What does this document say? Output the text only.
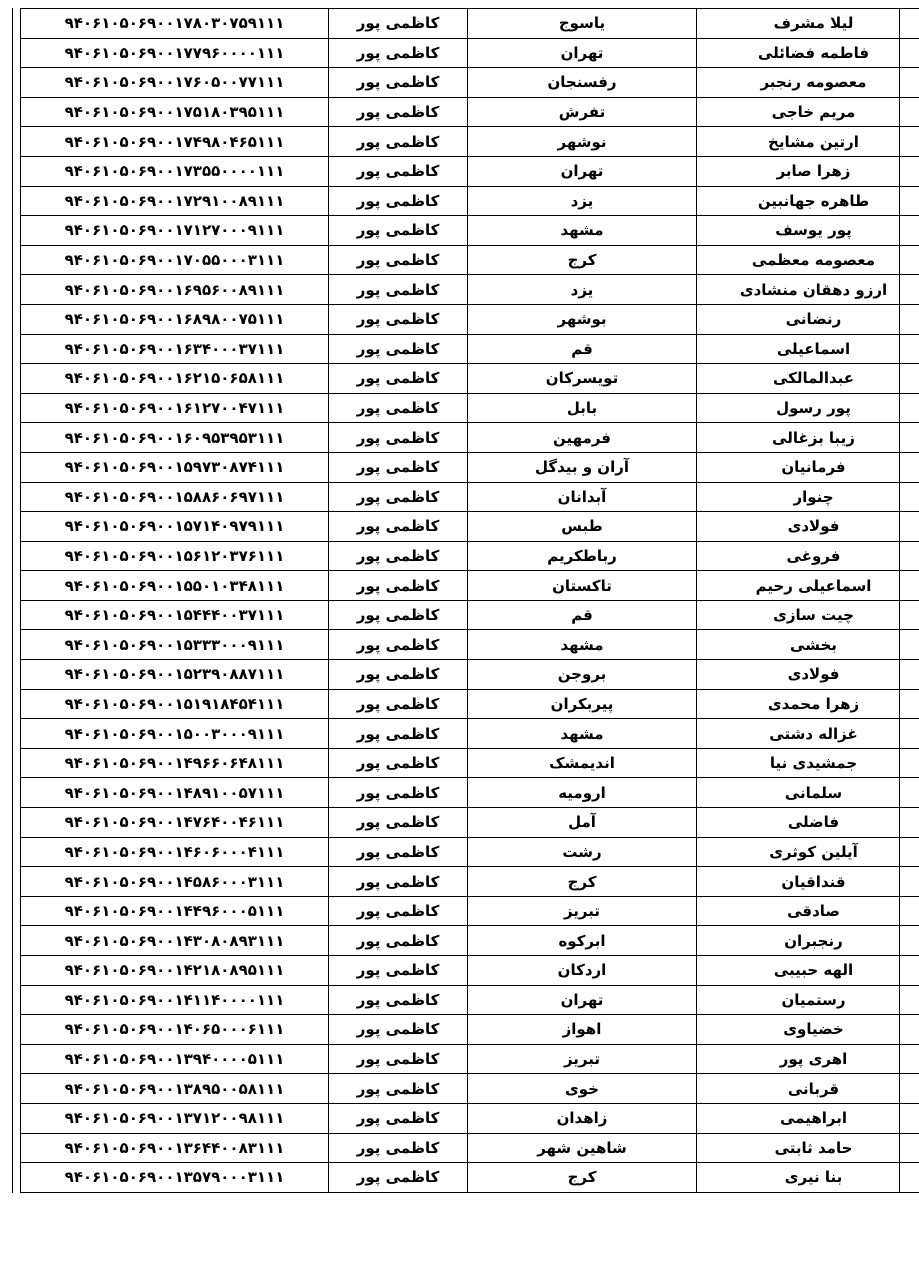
لیلا مشرف	یاسوج	کاظمی پور	۹۴۰۶۱۰۵۰۶۹۰۰۱۷۸۰۳۰۷۵۹۱۱۱
فاطمه فضائلی	تهران	کاظمی پور	۹۴۰۶۱۰۵۰۶۹۰۰۱۷۷۹۶۰۰۰۰۱۱۱
معصومه رنجبر	رفسنجان	کاظمی پور	۹۴۰۶۱۰۵۰۶۹۰۰۱۷۶۰۵۰۰۷۷۱۱۱
مریم خاجی	تفرش	کاظمی پور	۹۴۰۶۱۰۵۰۶۹۰۰۱۷۵۱۸۰۳۹۵۱۱۱
ارتین مشایخ	نوشهر	کاظمی پور	۹۴۰۶۱۰۵۰۶۹۰۰۱۷۴۹۸۰۴۶۵۱۱۱
زهرا صابر	تهران	کاظمی پور	۹۴۰۶۱۰۵۰۶۹۰۰۱۷۳۵۵۰۰۰۰۱۱۱
طاهره جهانبین	یزد	کاظمی پور	۹۴۰۶۱۰۵۰۶۹۰۰۱۷۲۹۱۰۰۸۹۱۱۱
پور یوسف	مشهد	کاظمی پور	۹۴۰۶۱۰۵۰۶۹۰۰۱۷۱۲۷۰۰۰۹۱۱۱
معصومه معظمی	کرج	کاظمی پور	۹۴۰۶۱۰۵۰۶۹۰۰۱۷۰۵۵۰۰۰۳۱۱۱
ارزو دهقان منشادی	یزد	کاظمی پور	۹۴۰۶۱۰۵۰۶۹۰۰۱۶۹۵۶۰۰۸۹۱۱۱
رنضانی	بوشهر	کاظمی پور	۹۴۰۶۱۰۵۰۶۹۰۰۱۶۸۹۸۰۰۷۵۱۱۱
اسماعیلی	قم	کاظمی پور	۹۴۰۶۱۰۵۰۶۹۰۰۱۶۳۴۰۰۰۳۷۱۱۱
عبدالمالکی	تویسرکان	کاظمی پور	۹۴۰۶۱۰۵۰۶۹۰۰۱۶۲۱۵۰۶۵۸۱۱۱
پور رسول	بابل	کاظمی پور	۹۴۰۶۱۰۵۰۶۹۰۰۱۶۱۲۷۰۰۴۷۱۱۱
زیبا بزغالی	فرمهین	کاظمی پور	۹۴۰۶۱۰۵۰۶۹۰۰۱۶۰۹۵۳۹۵۳۱۱۱
فرمانیان	آران و بیدگل	کاظمی پور	۹۴۰۶۱۰۵۰۶۹۰۰۱۵۹۷۳۰۸۷۴۱۱۱
چنوار	آبدانان	کاظمی پور	۹۴۰۶۱۰۵۰۶۹۰۰۱۵۸۸۶۰۶۹۷۱۱۱
فولادی	طبس	کاظمی پور	۹۴۰۶۱۰۵۰۶۹۰۰۱۵۷۱۴۰۹۷۹۱۱۱
فروغی	رباطکریم	کاظمی پور	۹۴۰۶۱۰۵۰۶۹۰۰۱۵۶۱۲۰۳۷۶۱۱۱
اسماعیلی رحیم	تاکستان	کاظمی پور	۹۴۰۶۱۰۵۰۶۹۰۰۱۵۵۰۱۰۳۴۸۱۱۱
چیت سازی	قم	کاظمی پور	۹۴۰۶۱۰۵۰۶۹۰۰۱۵۴۴۴۰۰۳۷۱۱۱
بخشی	مشهد	کاظمی پور	۹۴۰۶۱۰۵۰۶۹۰۰۱۵۳۳۳۰۰۰۹۱۱۱
فولادی	بروجن	کاظمی پور	۹۴۰۶۱۰۵۰۶۹۰۰۱۵۲۳۹۰۸۸۷۱۱۱
زهرا محمدی	پیربکران	کاظمی پور	۹۴۰۶۱۰۵۰۶۹۰۰۱۵۱۹۱۸۴۵۴۱۱۱
غزاله دشتی	مشهد	کاظمی پور	۹۴۰۶۱۰۵۰۶۹۰۰۱۵۰۰۳۰۰۰۹۱۱۱
جمشیدی نیا	اندیمشک	کاظمی پور	۹۴۰۶۱۰۵۰۶۹۰۰۱۴۹۶۶۰۶۴۸۱۱۱
سلمانی	ارومیه	کاظمی پور	۹۴۰۶۱۰۵۰۶۹۰۰۱۴۸۹۱۰۰۵۷۱۱۱
فاضلی	آمل	کاظمی پور	۹۴۰۶۱۰۵۰۶۹۰۰۱۴۷۶۴۰۰۴۶۱۱۱
آیلین کوثری	رشت	کاظمی پور	۹۴۰۶۱۰۵۰۶۹۰۰۱۴۶۰۶۰۰۰۴۱۱۱
قنداقیان	کرج	کاظمی پور	۹۴۰۶۱۰۵۰۶۹۰۰۱۴۵۸۶۰۰۰۳۱۱۱
صادقی	تبریز	کاظمی پور	۹۴۰۶۱۰۵۰۶۹۰۰۱۴۴۹۶۰۰۰۵۱۱۱
رنجبران	ابرکوه	کاظمی پور	۹۴۰۶۱۰۵۰۶۹۰۰۱۴۳۰۸۰۸۹۳۱۱۱
الهه حبیبی	اردکان	کاظمی پور	۹۴۰۶۱۰۵۰۶۹۰۰۱۴۲۱۸۰۸۹۵۱۱۱
رستمیان	تهران	کاظمی پور	۹۴۰۶۱۰۵۰۶۹۰۰۱۴۱۱۴۰۰۰۰۱۱۱
خضیاوی	اهواز	کاظمی پور	۹۴۰۶۱۰۵۰۶۹۰۰۱۴۰۶۵۰۰۰۶۱۱۱
اهری پور	تبریز	کاظمی پور	۹۴۰۶۱۰۵۰۶۹۰۰۱۳۹۴۰۰۰۰۵۱۱۱
قربانی	خوی	کاظمی پور	۹۴۰۶۱۰۵۰۶۹۰۰۱۳۸۹۵۰۰۵۸۱۱۱
ابراهیمی	زاهدان	کاظمی پور	۹۴۰۶۱۰۵۰۶۹۰۰۱۳۷۱۲۰۰۹۸۱۱۱
حامد ثابتی	شاهین شهر	کاظمی پور	۹۴۰۶۱۰۵۰۶۹۰۰۱۳۶۴۴۰۰۸۳۱۱۱
بنا نیری	کرج	کاظمی پور	۹۴۰۶۱۰۵۰۶۹۰۰۱۳۵۷۹۰۰۰۳۱۱۱
